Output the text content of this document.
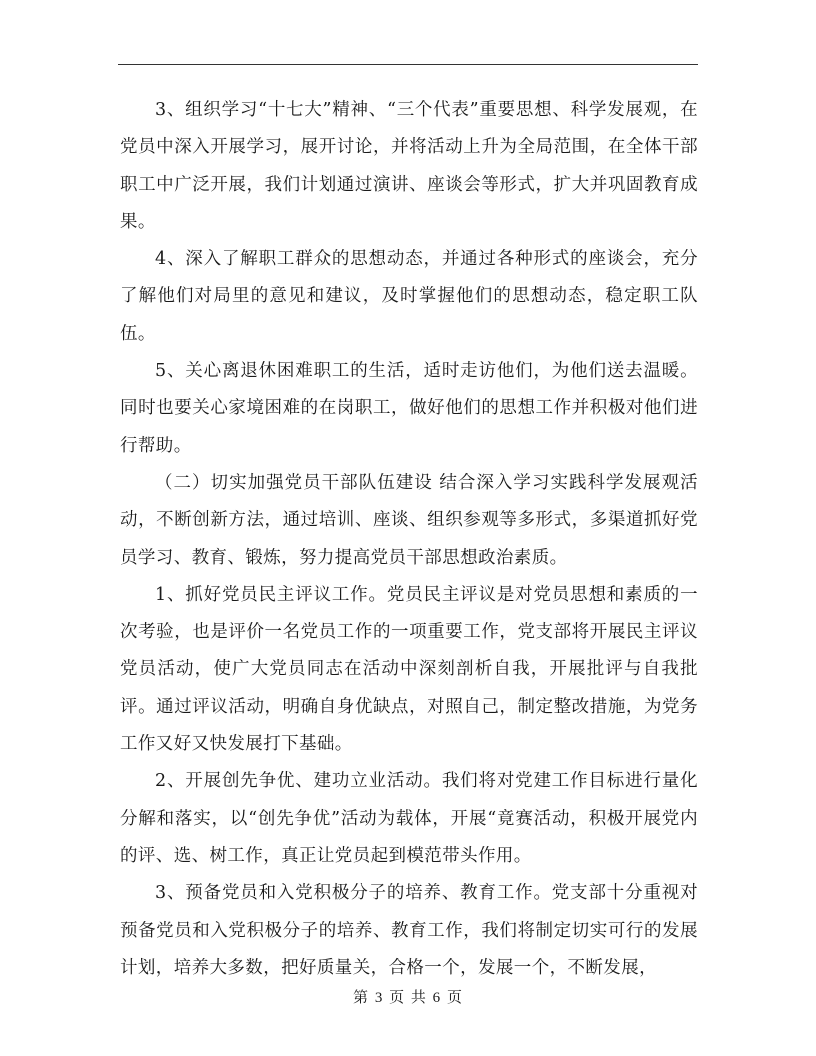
3、组织学习“十七大”精神、“三个代表”重要思想、科学发展观，在党员中深入开展学习，展开讨论，并将活动上升为全局范围，在全体干部职工中广泛开展，我们计划通过演讲、座谈会等形式，扩大并巩固教育成果。

4、深入了解职工群众的思想动态，并通过各种形式的座谈会，充分了解他们对局里的意见和建议，及时掌握他们的思想动态，稳定职工队伍。

5、关心离退休困难职工的生活，适时走访他们，为他们送去温暖。同时也要关心家境困难的在岗职工，做好他们的思想工作并积极对他们进行帮助。

（二）切实加强党员干部队伍建设 结合深入学习实践科学发展观活动，不断创新方法，通过培训、座谈、组织参观等多形式，多渠道抓好党员学习、教育、锻炼，努力提高党员干部思想政治素质。

1、抓好党员民主评议工作。党员民主评议是对党员思想和素质的一次考验，也是评价一名党员工作的一项重要工作，党支部将开展民主评议党员活动，使广大党员同志在活动中深刻剖析自我，开展批评与自我批评。通过评议活动，明确自身优缺点，对照自己，制定整改措施，为党务工作又好又快发展打下基础。

2、开展创先争优、建功立业活动。我们将对党建工作目标进行量化分解和落实，以“创先争优”活动为载体，开展“竟赛活动，积极开展党内的评、选、树工作，真正让党员起到模范带头作用。

3、预备党员和入党积极分子的培养、教育工作。党支部十分重视对预备党员和入党积极分子的培养、教育工作，我们将制定切实可行的发展计划，培养大多数，把好质量关，合格一个，发展一个，不断发展，

第 3 页 共 6 页
